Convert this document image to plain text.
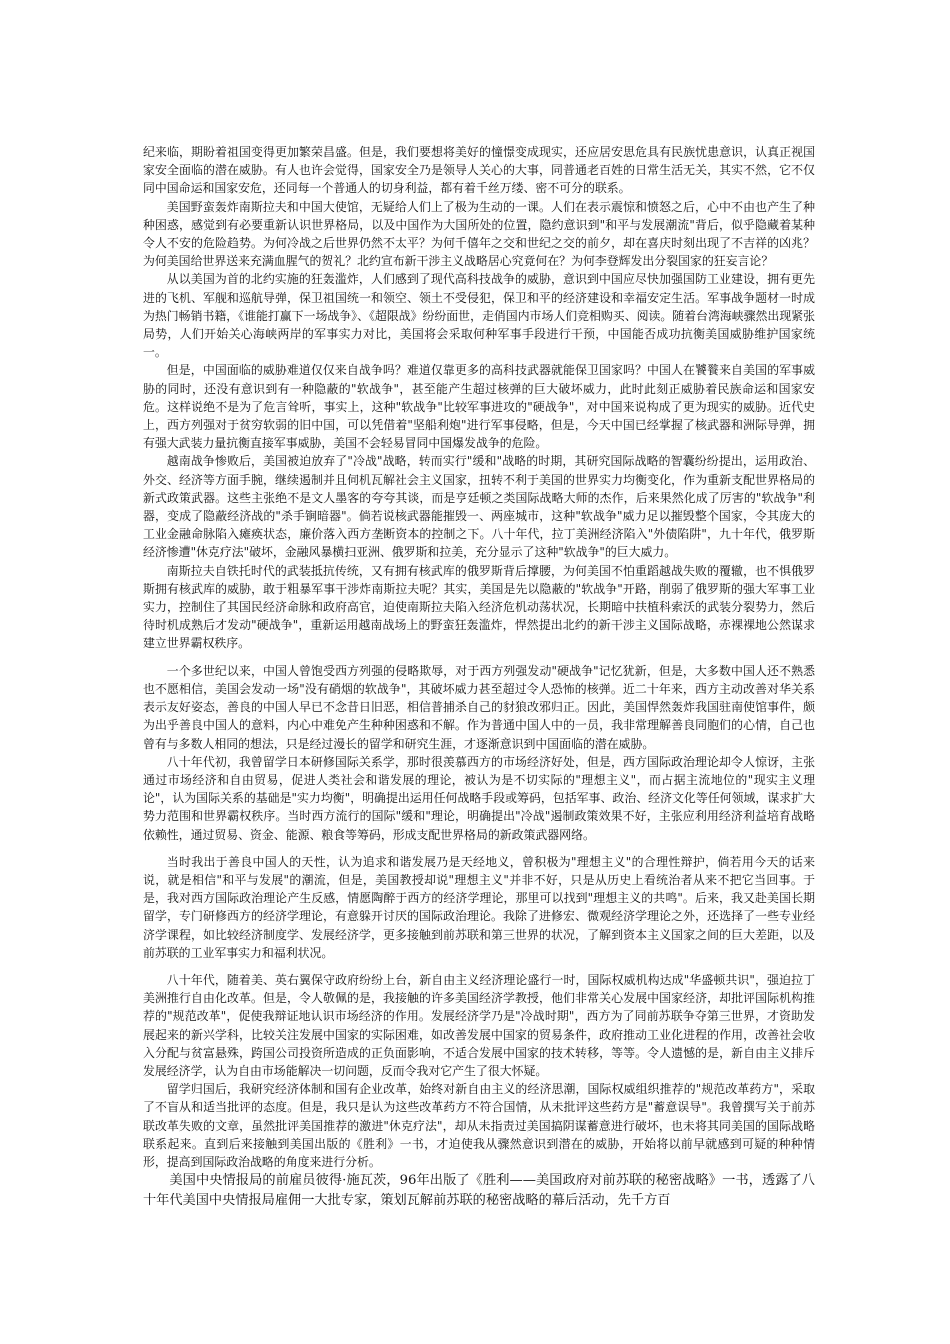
纪来临，期盼着祖国变得更加繁荣昌盛。但是，我们要想将美好的憧憬变成现实，还应居安思危具有民族忧患意识，认真正视国家安全面临的潜在威胁。有人也许会觉得，国家安全乃是领导人关心的大事，同普通老百姓的日常生活无关，其实不然，它不仅同中国命运和国家安危，还同每一个普通人的切身利益，都有着千丝万缕、密不可分的联系。

美国野蛮轰炸南斯拉夫和中国大使馆，无疑给人们上了极为生动的一课。人们在表示震惊和愤怒之后，心中不由也产生了种种困惑，感觉到有必要重新认识世界格局，以及中国作为大国所处的位置，隐约意识到"和平与发展潮流"背后，似乎隐藏着某种令人不安的危险趋势。为何冷战之后世界仍然不太平？为何千僖年之交和世纪之交的前夕，却在喜庆时刻出现了不吉祥的凶兆？为何美国给世界送来充满血腥气的贺礼？北约宣布新干涉主义战略居心究竟何在？为何李登辉发出分裂国家的狂妄言论？

从以美国为首的北约实施的狂轰滥炸，人们感到了现代高科技战争的威胁，意识到中国应尽快加强国防工业建设，拥有更先进的飞机、军舰和巡航导弹，保卫祖国统一和领空、领土不受侵犯，保卫和平的经济建设和幸福安定生活。军事战争题材一时成为热门畅销书籍，《谁能打赢下一场战争》、《超限战》纷纷面世，走俏国内市场人们竞相购买、阅读。随着台湾海峡骤然出现紧张局势，人们开始关心海峡两岸的军事实力对比，美国将会采取何种军事手段进行干预，中国能否成功抗衡美国威胁维护国家统一。

但是，中国面临的威胁难道仅仅来自战争吗？难道仅靠更多的高科技武器就能保卫国家吗？中国人在饕餮来自美国的军事威胁的同时，还没有意识到有一种隐蔽的"软战争"，甚至能产生超过核弹的巨大破坏威力，此时此刻正威胁着民族命运和国家安危。这样说绝不是为了危言耸听，事实上，这种"软战争"比较军事进攻的"硬战争"，对中国来说构成了更为现实的威胁。近代史上，西方列强对于贫穷软弱的旧中国，可以凭借着"坚船利炮"进行军事侵略，但是，今天中国已经掌握了核武器和洲际导弹，拥有强大武装力量抗衡直接军事威胁，美国不会轻易冒同中国爆发战争的危险。

越南战争惨败后，美国被迫放弃了"冷战"战略，转而实行"缓和"战略的时期，其研究国际战略的智囊纷纷提出，运用政治、外交、经济等方面手腕，继续遏制并且伺机瓦解社会主义国家，扭转不利于美国的世界实力均衡变化，作为重新支配世界格局的新式政策武器。这些主张绝不是文人墨客的夸夸其谈，而是亨廷顿之类国际战略大师的杰作，后来果然化成了厉害的"软战争"利器，变成了隐蔽经济战的"杀手锏暗器"。倘若说核武器能摧毁一、两座城市，这种"软战争"威力足以摧毁整个国家，令其庞大的工业金融命脉陷入瘫痪状态，廉价落入西方垄断资本的控制之下。八十年代，拉丁美洲经济陷入"外债陷阱"，九十年代，俄罗斯经济惨遭"休克疗法"破坏，金融风暴横扫亚洲、俄罗斯和拉美，充分显示了这种"软战争"的巨大威力。

南斯拉夫自铁托时代的武装抵抗传统，又有拥有核武库的俄罗斯背后撑腰，为何美国不怕重蹈越战失败的覆辙，也不惧俄罗斯拥有核武库的威胁，敢于粗暴军事干涉炸南斯拉夫呢？其实，美国是先以隐蔽的"软战争"开路，削弱了俄罗斯的强大军事工业实力，控制住了其国民经济命脉和政府高官，迫使南斯拉夫陷入经济危机动荡状况，长期暗中扶植科索沃的武装分裂势力，然后待时机成熟后才发动"硬战争"，重新运用越南战场上的野蛮狂轰滥炸，悍然提出北约的新干涉主义国际战略，赤裸裸地公然谋求建立世界霸权秩序。

一个多世纪以来，中国人曾饱受西方列强的侵略欺辱，对于西方列强发动"硬战争"记忆犹新，但是，大多数中国人还不熟悉也不愿相信，美国会发动一场"没有硝烟的软战争"，其破坏威力甚至超过令人恐怖的核弹。近二十年来，西方主动改善对华关系表示友好姿态，善良的中国人早已不念昔日旧恶，相信普捕杀自己的豺狼改邪归正。因此，美国悍然轰炸我国驻南使馆事件，颇为出乎善良中国人的意料，内心中难免产生种种困惑和不解。作为普通中国人中的一员，我非常理解善良同胞们的心情，自己也曾有与多数人相同的想法，只是经过漫长的留学和研究生涯，才逐渐意识到中国面临的潜在威胁。

八十年代初，我曾留学日本研修国际关系学，那时很羡慕西方的市场经济好处，但是，西方国际政治理论却令人惊讶，主张通过市场经济和自由贸易，促进人类社会和谐发展的理论，被认为是不切实际的"理想主义"，而占据主流地位的"现实主义理论"，认为国际关系的基础是"实力均衡"，明确提出运用任何战略手段或筹码，包括军事、政治、经济文化等任何领域，谋求扩大势力范围和世界霸权秩序。当时西方流行的国际"缓和"理论，明确提出"冷战"遏制政策效果不好，主张应利用经济利益培育战略依赖性，通过贸易、资金、能源、粮食等筹码，形成支配世界格局的新政策武器网络。

当时我出于善良中国人的天性，认为追求和谐发展乃是天经地义，曾积极为"理想主义"的合理性辩护，倘若用今天的话来说，就是相信"和平与发展"的潮流，但是，美国教授却说"理想主义"并非不好，只是从历史上看统治者从来不把它当回事。于是，我对西方国际政治理论产生反感，情愿陶醉于西方的经济学理论，那里可以找到"理想主义的共鸣"。后来，我又赴美国长期留学，专门研修西方的经济学理论，有意躲开讨厌的国际政治理论。我除了进修宏、微观经济学理论之外，还选择了一些专业经济学课程，如比较经济制度学、发展经济学，更多接触到前苏联和第三世界的状况，了解到资本主义国家之间的巨大差距，以及前苏联的工业军事实力和福利状况。

八十年代，随着美、英右翼保守政府纷纷上台，新自由主义经济理论盛行一时，国际权威机构达成"华盛顿共识"，强迫拉丁美洲推行自由化改革。但是，令人敬佩的是，我接触的许多美国经济学教授，他们非常关心发展中国家经济，却批评国际机构推荐的"规范改革"，促使我辩证地认识市场经济的作用。发展经济学乃是"冷战时期"，西方为了同前苏联争夺第三世界，才资助发展起来的新兴学科，比较关注发展中国家的实际困难，如改善发展中国家的贸易条件，政府推动工业化进程的作用，改善社会收入分配与贫富悬殊，跨国公司投资所造成的正负面影响，不适合发展中国家的技术转移，等等。令人遗憾的是，新自由主义排斥发展经济学，认为自由市场能解决一切问题，反而令我对它产生了很大怀疑。

留学归国后，我研究经济体制和国有企业改革，始终对新自由主义的经济思潮，国际权威组织推荐的"规范改革药方"，采取了不盲从和适当批评的态度。但是，我只是认为这些改革药方不符合国情，从未批评这些药方是"蓄意误导"。我曾撰写关于前苏联改革失败的文章，虽然批评美国推荐的激进"休克疗法"，却从未指责过美国搞阴谋蓄意进行破坏，也未将其同美国的国际战略联系起来。直到后来接触到美国出版的《胜利》一书，才迫使我从骤然意识到潜在的威胁，开始将以前早就感到可疑的种种情形，提高到国际政治战略的角度来进行分析。

美国中央情报局的前雇员彼得·施瓦茨，96年出版了《胜利——美国政府对前苏联的秘密战略》一书，透露了八十年代美国中央情报局雇佣一大批专家，策划瓦解前苏联的秘密战略的幕后活动，先千方百
